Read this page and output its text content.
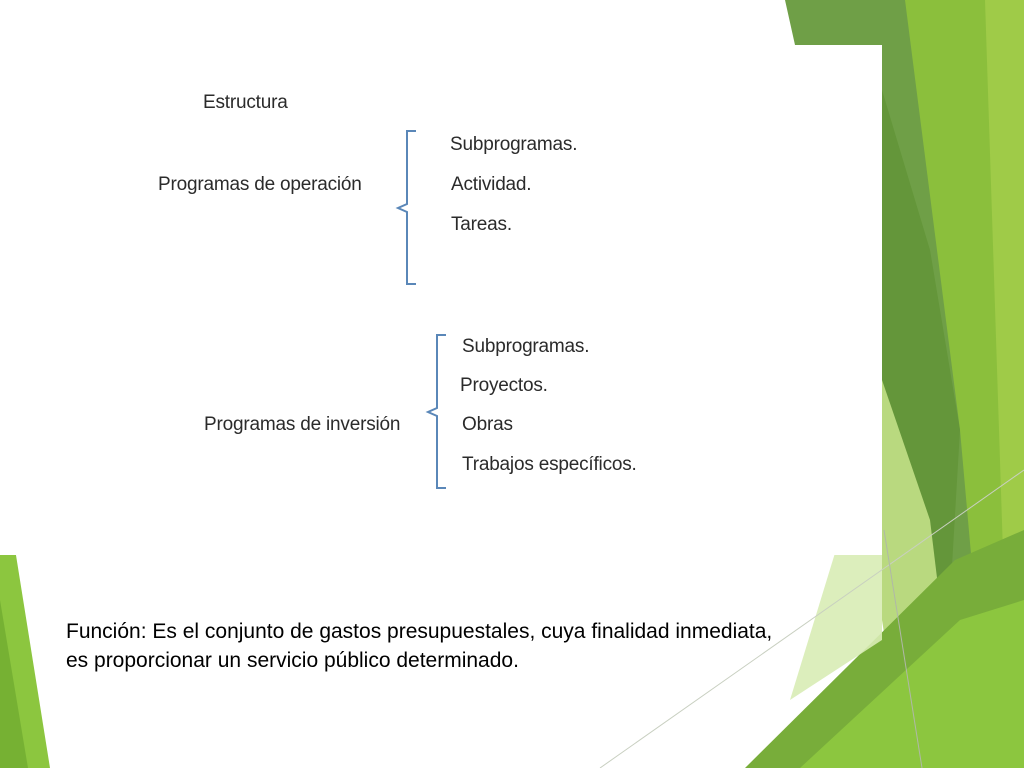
Estructura
Programas de operación
Subprogramas.
Actividad.
Tareas.
Programas de inversión
Subprogramas.
Proyectos.
Obras
Trabajos específicos.
Función: Es el conjunto de gastos presupuestales, cuya finalidad inmediata,
es proporcionar un servicio público determinado.
